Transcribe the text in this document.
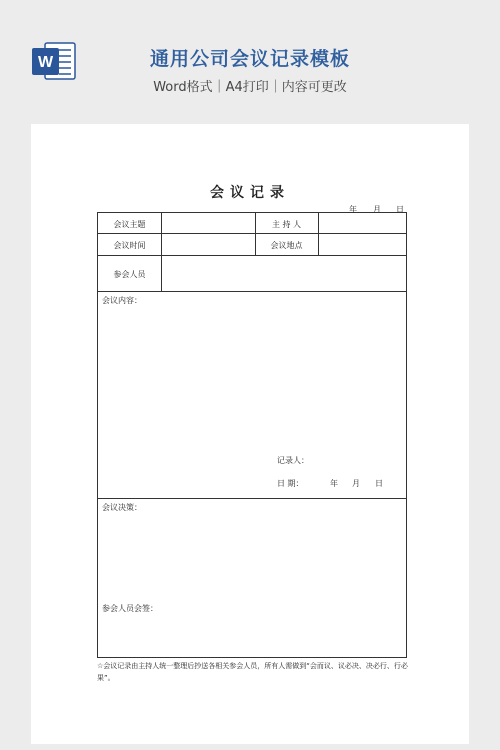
W	通用公司会议记录模板
Word格式｜A4打印｜内容可更改
会议记录
年 月 日
会议主题	主 持 人
会议时间	会议地点
参会人员
会议内容：
记录人：
日 期：	年 月 日
会议决策：
参会人员会签：
☆会议记录由主持人统一整理后抄送各相关参会人员，所有人需做到“会而议、议必决、决必行、行必果”。
